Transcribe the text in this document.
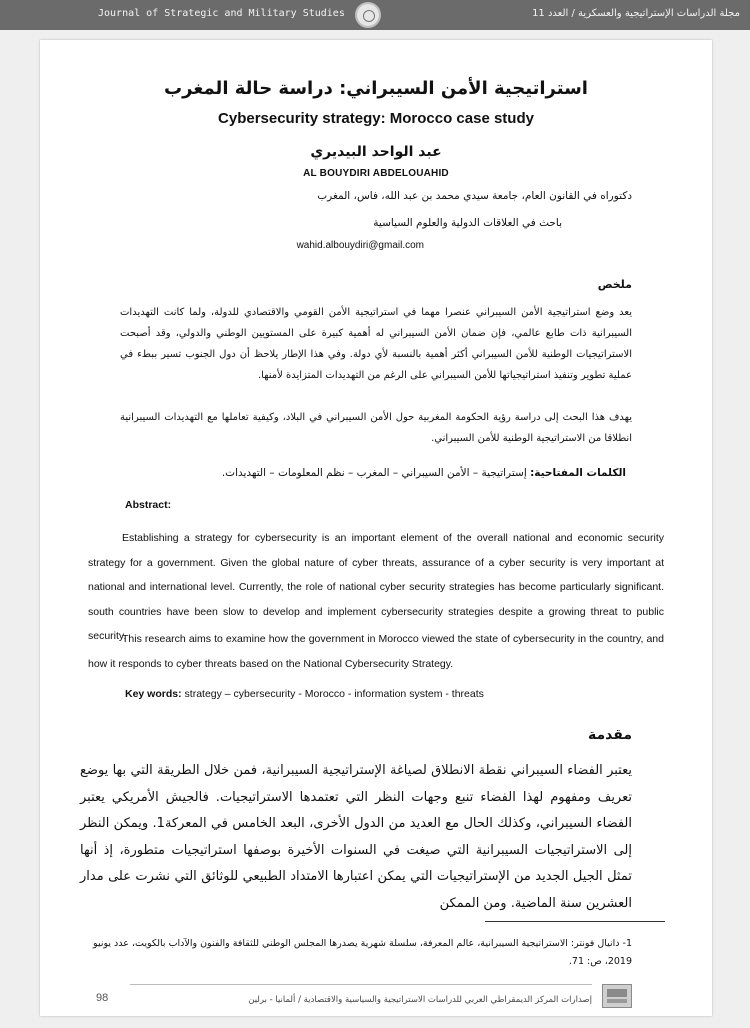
Journal of Strategic and Military Studies	مجلة الدراسات الإستراتيجية والعسكرية / العدد 11
استراتيجية الأمن السيبراني: دراسة حالة المغرب
Cybersecurity strategy: Morocco case study
عبد الواحد البيديري
AL BOUYDIRI ABDELOUAHID
دكتوراه في القانون العام، جامعة سيدي محمد بن عبد الله، فاس، المغرب
باحث في العلاقات الدولية والعلوم السياسية
wahid.albouydiri@gmail.com
ملخص
يعد وضع استراتيجية الأمن السيبراني عنصرا مهما في استراتيجية الأمن القومي والاقتصادي للدولة، ولما كانت التهديدات السيبرانية ذات طابع عالمي، فإن ضمان الأمن السيبراني له أهمية كبيرة على المستويين الوطني والدولي، وقد أصبحت الاستراتيجيات الوطنية للأمن السيبراني أكثر أهمية بالنسبة لأي دولة. وفي هذا الإطار يلاحظ أن دول الجنوب تسير ببطء في عملية تطوير وتنفيذ استراتيجياتها للأمن السيبراني على الرغم من التهديدات المتزايدة لأمنها.
يهدف هذا البحث إلى دراسة رؤية الحكومة المغربية حول الأمن السيبراني في البلاد، وكيفية تعاملها مع التهديدات السيبرانية انطلاقا من الاستراتيجية الوطنية للأمن السيبراني.
الكلمات المفتاحية: إستراتيجية – الأمن السيبراني – المغرب – نظم المعلومات – التهديدات.
Abstract:
Establishing a strategy for cybersecurity is an important element of the overall national and economic security strategy for a government. Given the global nature of cyber threats, assurance of a cyber security is very important at national and international level. Currently, the role of national cyber security strategies has become particularly significant. south countries have been slow to develop and implement cybersecurity strategies despite a growing threat to public security.
This research aims to examine how the government in Morocco viewed the state of cybersecurity in the country, and how it responds to cyber threats based on the National Cybersecurity Strategy.
Key words: strategy – cybersecurity - Morocco - information system - threats
مقدمة
يعتبر الفضاء السيبراني نقطة الانطلاق لصياغة الإستراتيجية السيبرانية، فمن خلال الطريقة التي بها يوضع تعريف ومفهوم لهذا الفضاء تنبع وجهات النظر التي تعتمدها الاستراتيجيات. فالجيش الأمريكي يعتبر الفضاء السيبراني، وكذلك الحال مع العديد من الدول الأخرى، البعد الخامس في المعركة1. ويمكن النظر إلى الاستراتيجيات السيبرانية التي صيغت في السنوات الأخيرة بوصفها استراتيجيات متطورة، إذ أنها تمثل الجيل الجديد من الإستراتيجيات التي يمكن اعتبارها الامتداد الطبيعي للوثائق التي نشرت على مدار العشرين سنة الماضية. ومن الممكن
1- دانيال فونتر: الاستراتيجية السيبرانية، عالم المعرفة، سلسلة شهرية يصدرها المجلس الوطني للثقافة والفنون والآداب بالكويت، عدد يونيو 2019، ص: 71.
98	إصدارات المركز الديمقراطي العربي للدراسات الاستراتيجية والسياسية والاقتصادية / ألمانيا - برلين
